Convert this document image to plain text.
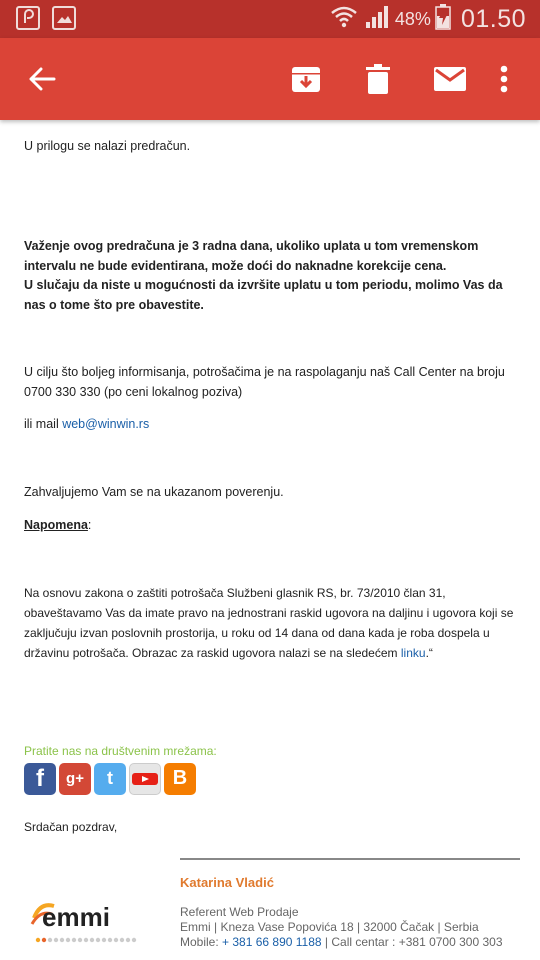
48% 01.50

U prilogu se nalazi predračun.

Važenje ovog predračuna je 3 radna dana, ukoliko uplata u tom vremenskom intervalu ne bude evidentirana, može doći do naknadne korekcije cena.

U slučaju da niste u mogućnosti da izvršite uplatu u tom periodu, molimo Vas da nas o tome što pre obavestite.

U cilju što boljeg informisanja, potrošačima je na raspolaganju naš Call Center na broju 0700 330 330 (po ceni lokalnog poziva)

ili mail web@winwin.rs

Zahvaljujemo Vam se na ukazanom poverenju.

Napomena:

Na osnovu zakona o zaštiti potrošača Službeni glasnik RS, br. 73/2010 član 31, obaveštavamo Vas da imate pravo na jednostrani raskid ugovora na daljinu i ugovora koji se zaključuju izvan poslovnih prostorija, u roku od 14 dana od dana kada je roba dospela u državinu potrošača. Obrazac za raskid ugovora nalazi se na sledećem linku.“

Pratite nas na društvenim mrežama:

f	g+	t	B

Srdačan pozdrav,

Katarina Vladić
Referent Web Prodaje
Emmi | Kneza Vase Popovića 18 | 32000 Čačak | Serbia
Mobile: + 381 66 890 1188 | Call centar : +381 0700 300 303
emmi
